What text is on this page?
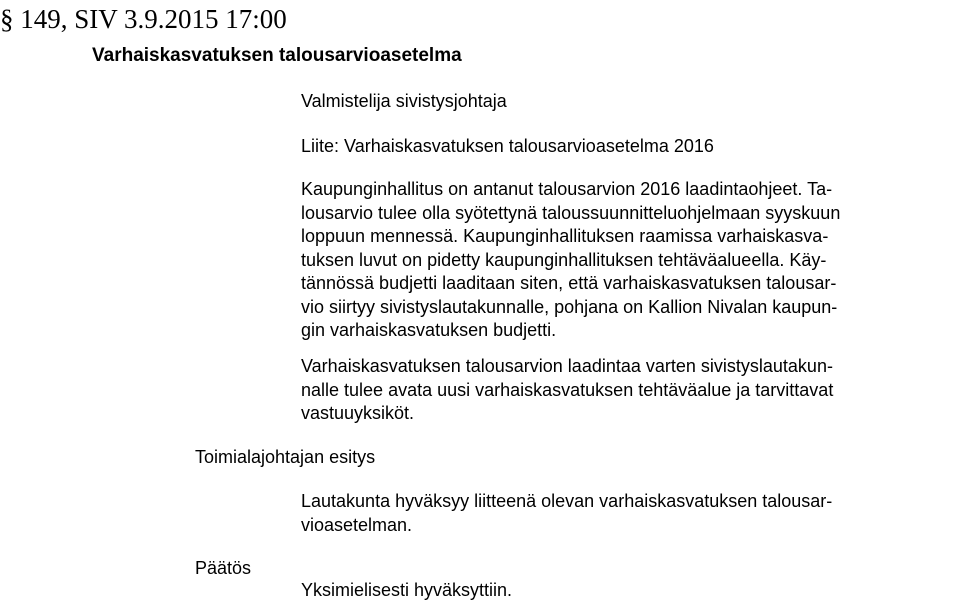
§ 149, SIV 3.9.2015 17:00
Varhaiskasvatuksen talousarvioasetelma

Valmistelija sivistysjohtaja

Liite: Varhaiskasvatuksen talousarvioasetelma 2016

Kaupunginhallitus on antanut talousarvion 2016 laadintaohjeet. Ta-
lousarvio tulee olla syötettynä taloussuunnitteluohjelmaan syyskuun
loppuun mennessä. Kaupunginhallituksen raamissa varhaiskasva-
tuksen luvut on pidetty kaupunginhallituksen tehtäväalueella. Käy-
tännössä budjetti laaditaan siten, että varhaiskasvatuksen talousar-
vio siirtyy sivistyslautakunnalle, pohjana on Kallion Nivalan kaupun-
gin varhaiskasvatuksen budjetti.

Varhaiskasvatuksen talousarvion laadintaa varten sivistyslautakun-
nalle tulee avata uusi varhaiskasvatuksen tehtäväalue ja tarvittavat
vastuuyksiköt.

Toimialajohtajan esitys

Lautakunta hyväksyy liitteenä olevan varhaiskasvatuksen talousar-
vioasetelman.

Päätös

Yksimielisesti hyväksyttiin.
